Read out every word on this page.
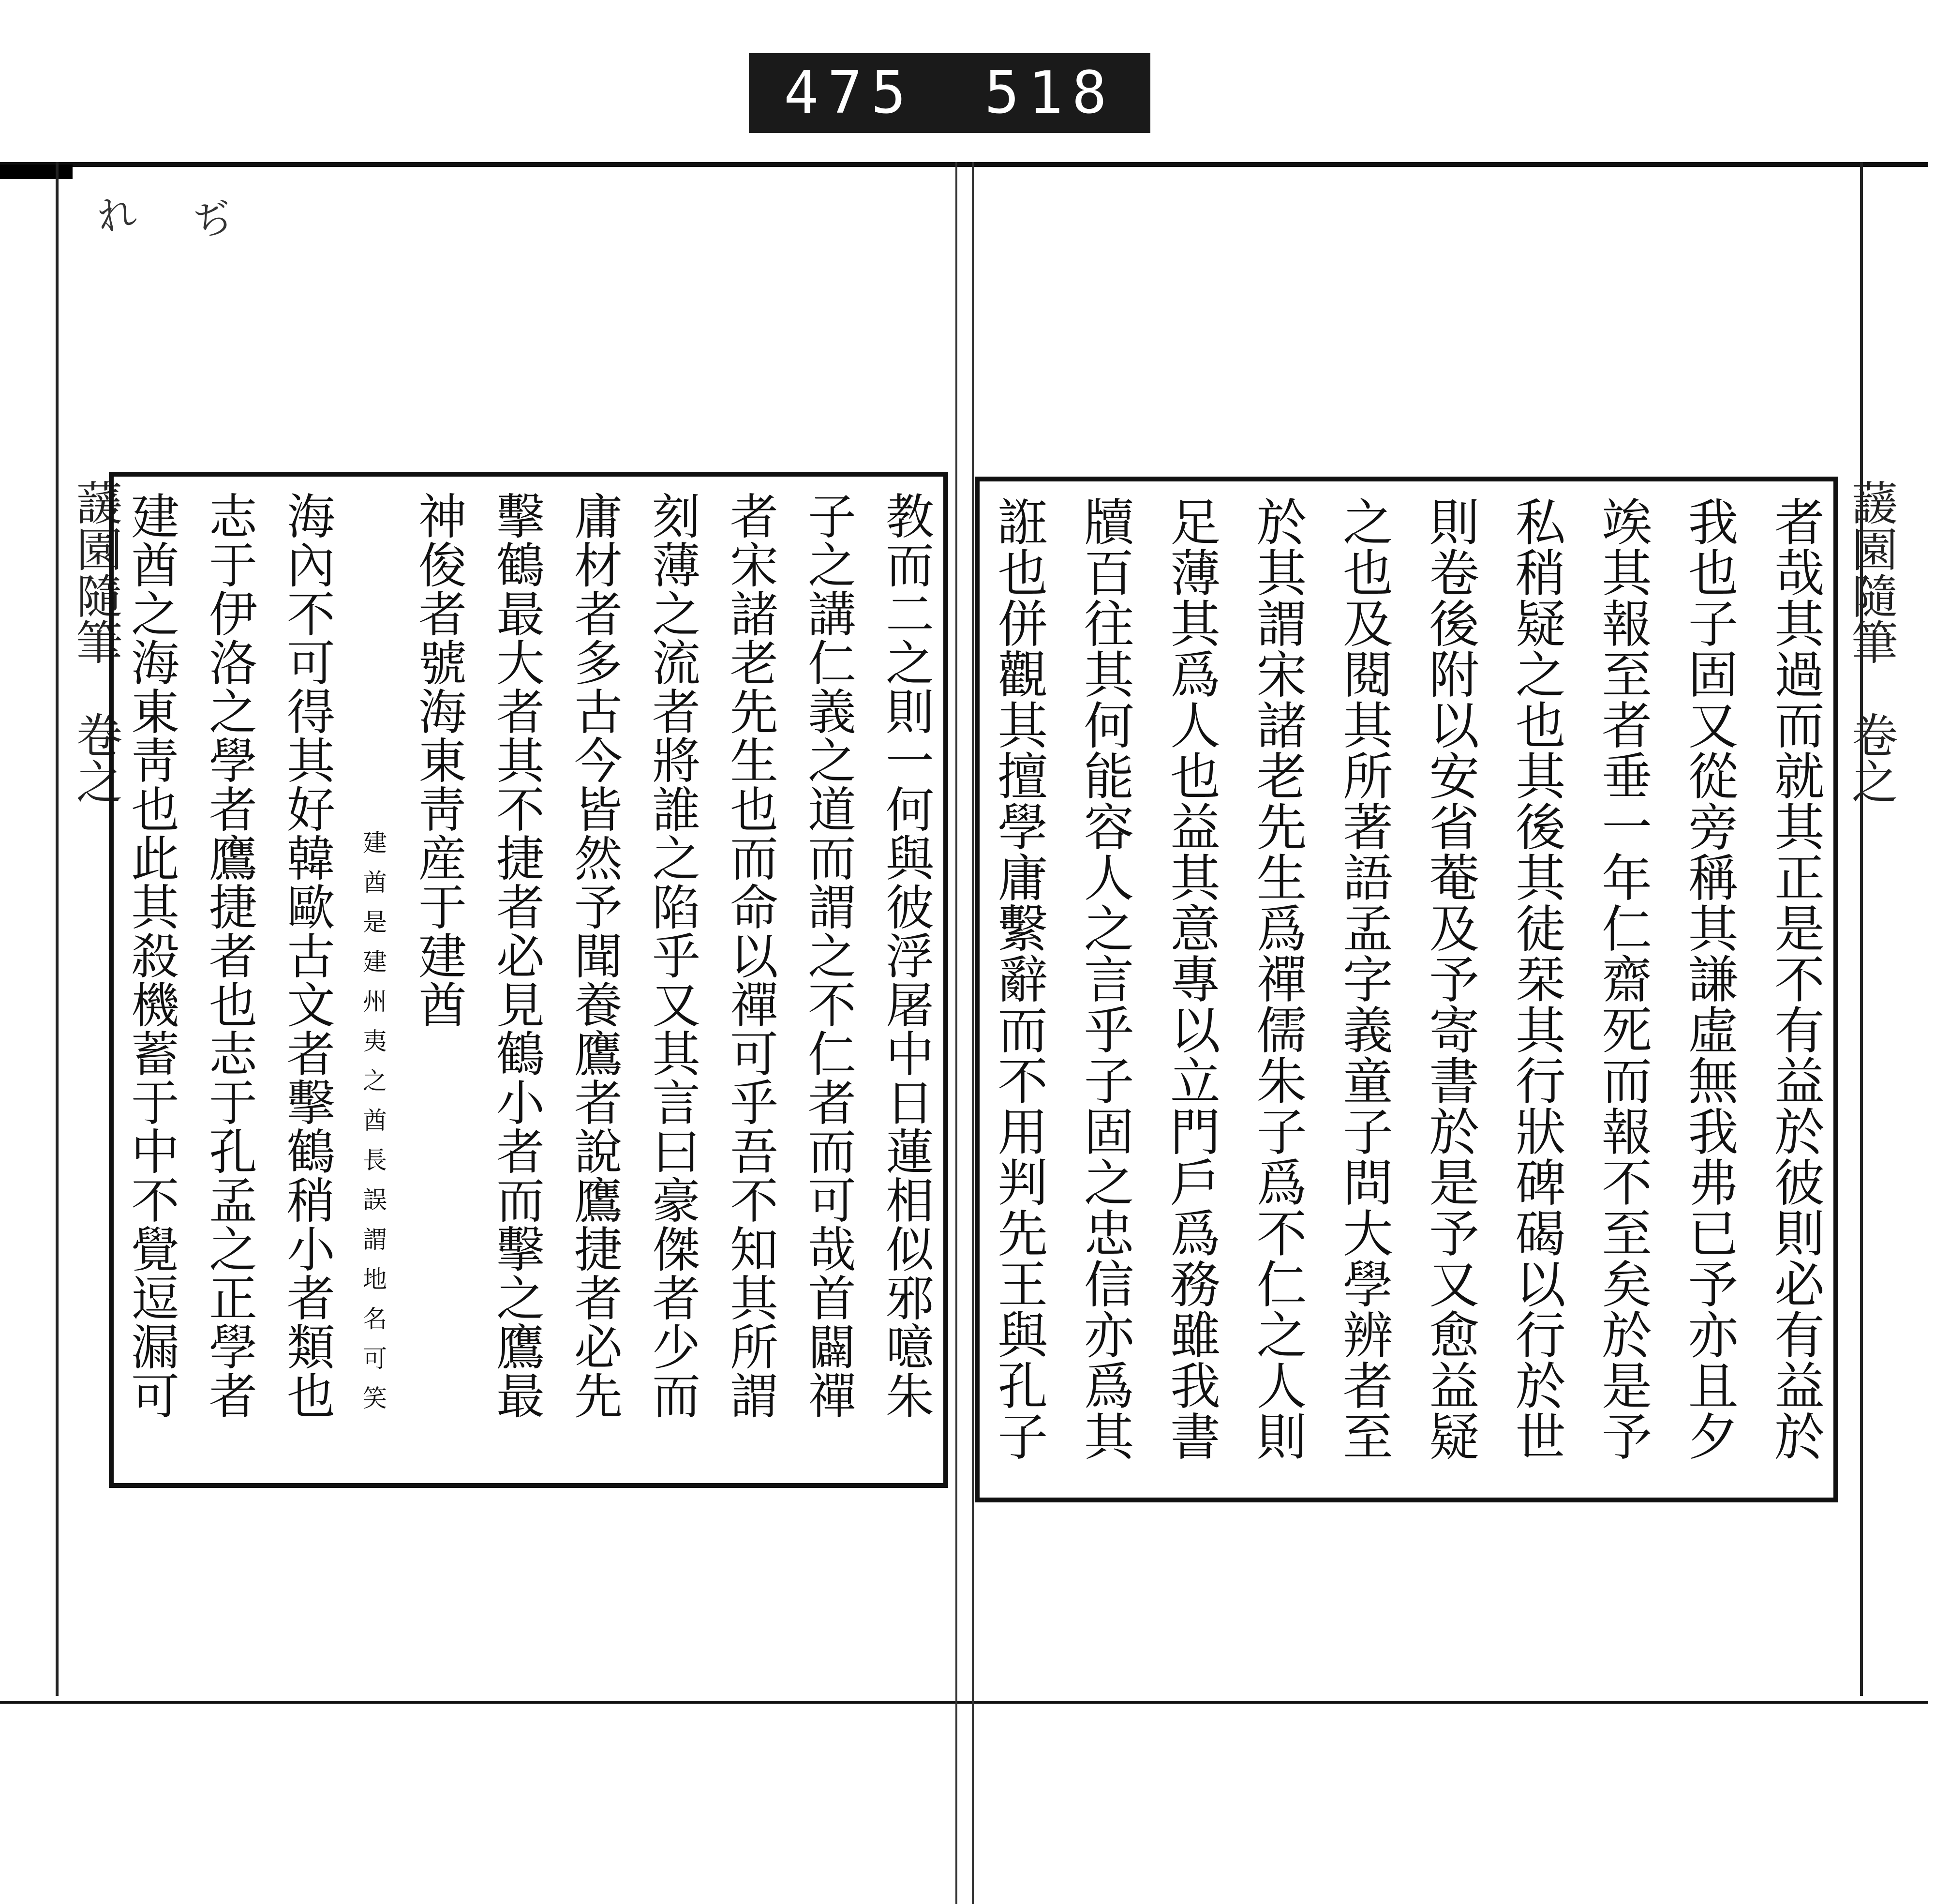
475 518
れ ぢ
蘐園隨筆　卷之	蘐園隨筆　卷之
者哉其過而就其正是不有益於彼則必有益於
我也子固又從旁稱其謙虛無我弗已予亦且夕
竢其報至者垂一年仁齋死而報不至矣於是予
私稍疑之也其後其徒栞其行狀碑碣以行於世
則卷後附以安省菴及予寄書於是予又愈益疑
之也及閱其所著語孟字義童子問大學辨者至
於其謂宋諸老先生爲禪儒朱子爲不仁之人則
足薄其爲人也益其意專以立門戶爲務雖我書
牘百往其何能容人之言乎子固之忠信亦爲其
誑也併觀其擅學庸繫辭而不用判先王與孔子
教而二之則一何與彼浮屠中日蓮相似邪噫朱
子之講仁義之道而謂之不仁者而可哉首闢禪
者宋諸老先生也而命以禪可乎吾不知其所謂
刻薄之流者將誰之陷乎又其言曰豪傑者少而
庸材者多古今皆然予聞養鷹者說鷹捷者必先
擊鶴最大者其不捷者必見鶴小者而擊之鷹最
神俊者號海東靑産于建酋
建酋是建州夷之酋長誤謂地名可笑
海內不可得其好韓歐古文者擊鶴稍小者類也
志于伊洛之學者鷹捷者也志于孔孟之正學者
建酋之海東靑也此其殺機蓄于中不覺逗漏可
